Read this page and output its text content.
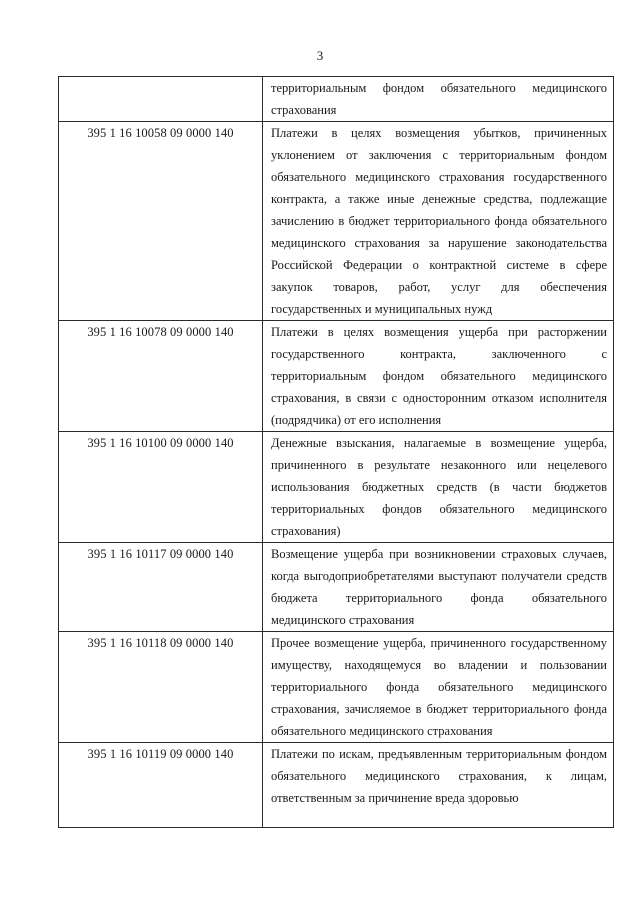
3
	территориальным фондом обязательного медицинского страхования
395 1 16 10058 09 0000 140	Платежи в целях возмещения убытков, причиненных уклонением от заключения с территориальным фондом обязательного медицинского страхования государственного контракта, а также иные денежные средства, подлежащие зачислению в бюджет территориального фонда обязательного медицинского страхования за нарушение законодательства Российской Федерации о контрактной системе в сфере закупок товаров, работ, услуг для обеспечения государственных и муниципальных нужд
395 1 16 10078 09 0000 140	Платежи в целях возмещения ущерба при расторжении государственного контракта, заключенного с территориальным фондом обязательного медицинского страхования, в связи с односторонним отказом исполнителя (подрядчика) от его исполнения
395 1 16 10100 09 0000 140	Денежные взыскания, налагаемые в возмещение ущерба, причиненного в результате незаконного или нецелевого использования бюджетных средств (в части бюджетов территориальных фондов обязательного медицинского страхования)
395 1 16 10117 09 0000 140	Возмещение ущерба при возникновении страховых случаев, когда выгодоприобретателями выступают получатели средств бюджета территориального фонда обязательного медицинского страхования
395 1 16 10118 09 0000 140	Прочее возмещение ущерба, причиненного государственному имуществу, находящемуся во владении и пользовании территориального фонда обязательного медицинского страхования, зачисляемое в бюджет территориального фонда обязательного медицинского страхования

395 1 16 10119 09 0000 140	Платежи по искам, предъявленным территориальным фондом обязательного медицинского страхования, к лицам, ответственным за причинение вреда здоровью
